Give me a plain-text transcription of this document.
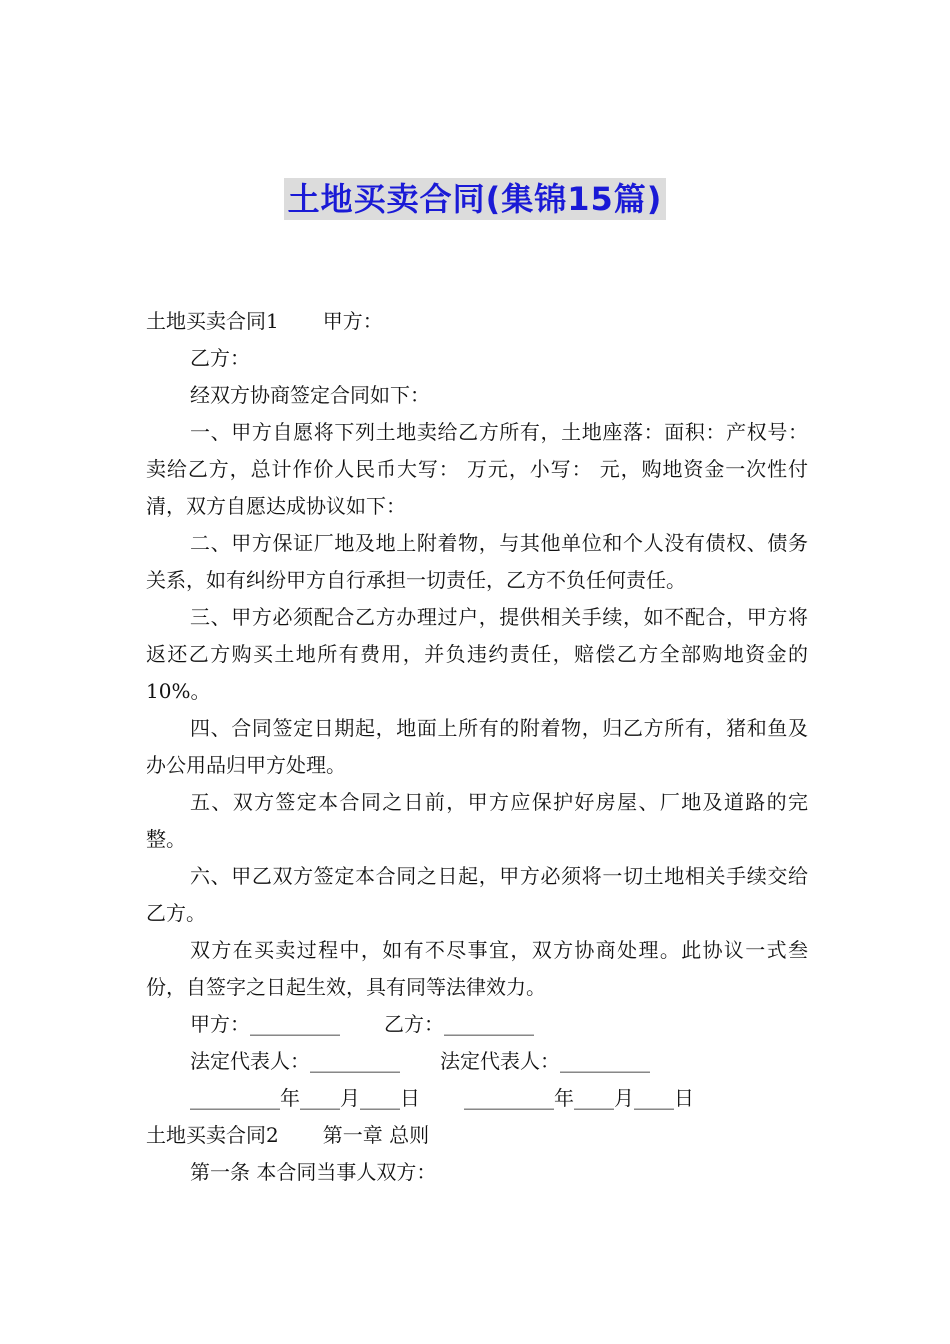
土地买卖合同(集锦15篇)

土地买卖合同1 甲方：

乙方：

经双方协商签定合同如下：

一、甲方自愿将下列土地卖给乙方所有，土地座落：面积：产权号： 卖给乙方，总计作价人民币大写： 万元，小写： 元，购地资金一次性付清，双方自愿达成协议如下：

二、甲方保证厂地及地上附着物，与其他单位和个人没有债权、债务关系，如有纠纷甲方自行承担一切责任，乙方不负任何责任。

三、甲方必须配合乙方办理过户，提供相关手续，如不配合，甲方将返还乙方购买土地所有费用，并负违约责任，赔偿乙方全部购地资金的10%。

四、合同签定日期起，地面上所有的附着物，归乙方所有，猪和鱼及办公用品归甲方处理。

五、双方签定本合同之日前，甲方应保护好房屋、厂地及道路的完整。

六、甲乙双方签定本合同之日起，甲方必须将一切土地相关手续交给乙方。

双方在买卖过程中，如有不尽事宜，双方协商处理。此协议一式叁份，自签字之日起生效，具有同等法律效力。

甲方：_________ 乙方：_________

法定代表人：_________ 法定代表人：_________

_________年____月____日 _________年____月____日

土地买卖合同2 第一章 总则

第一条 本合同当事人双方：
